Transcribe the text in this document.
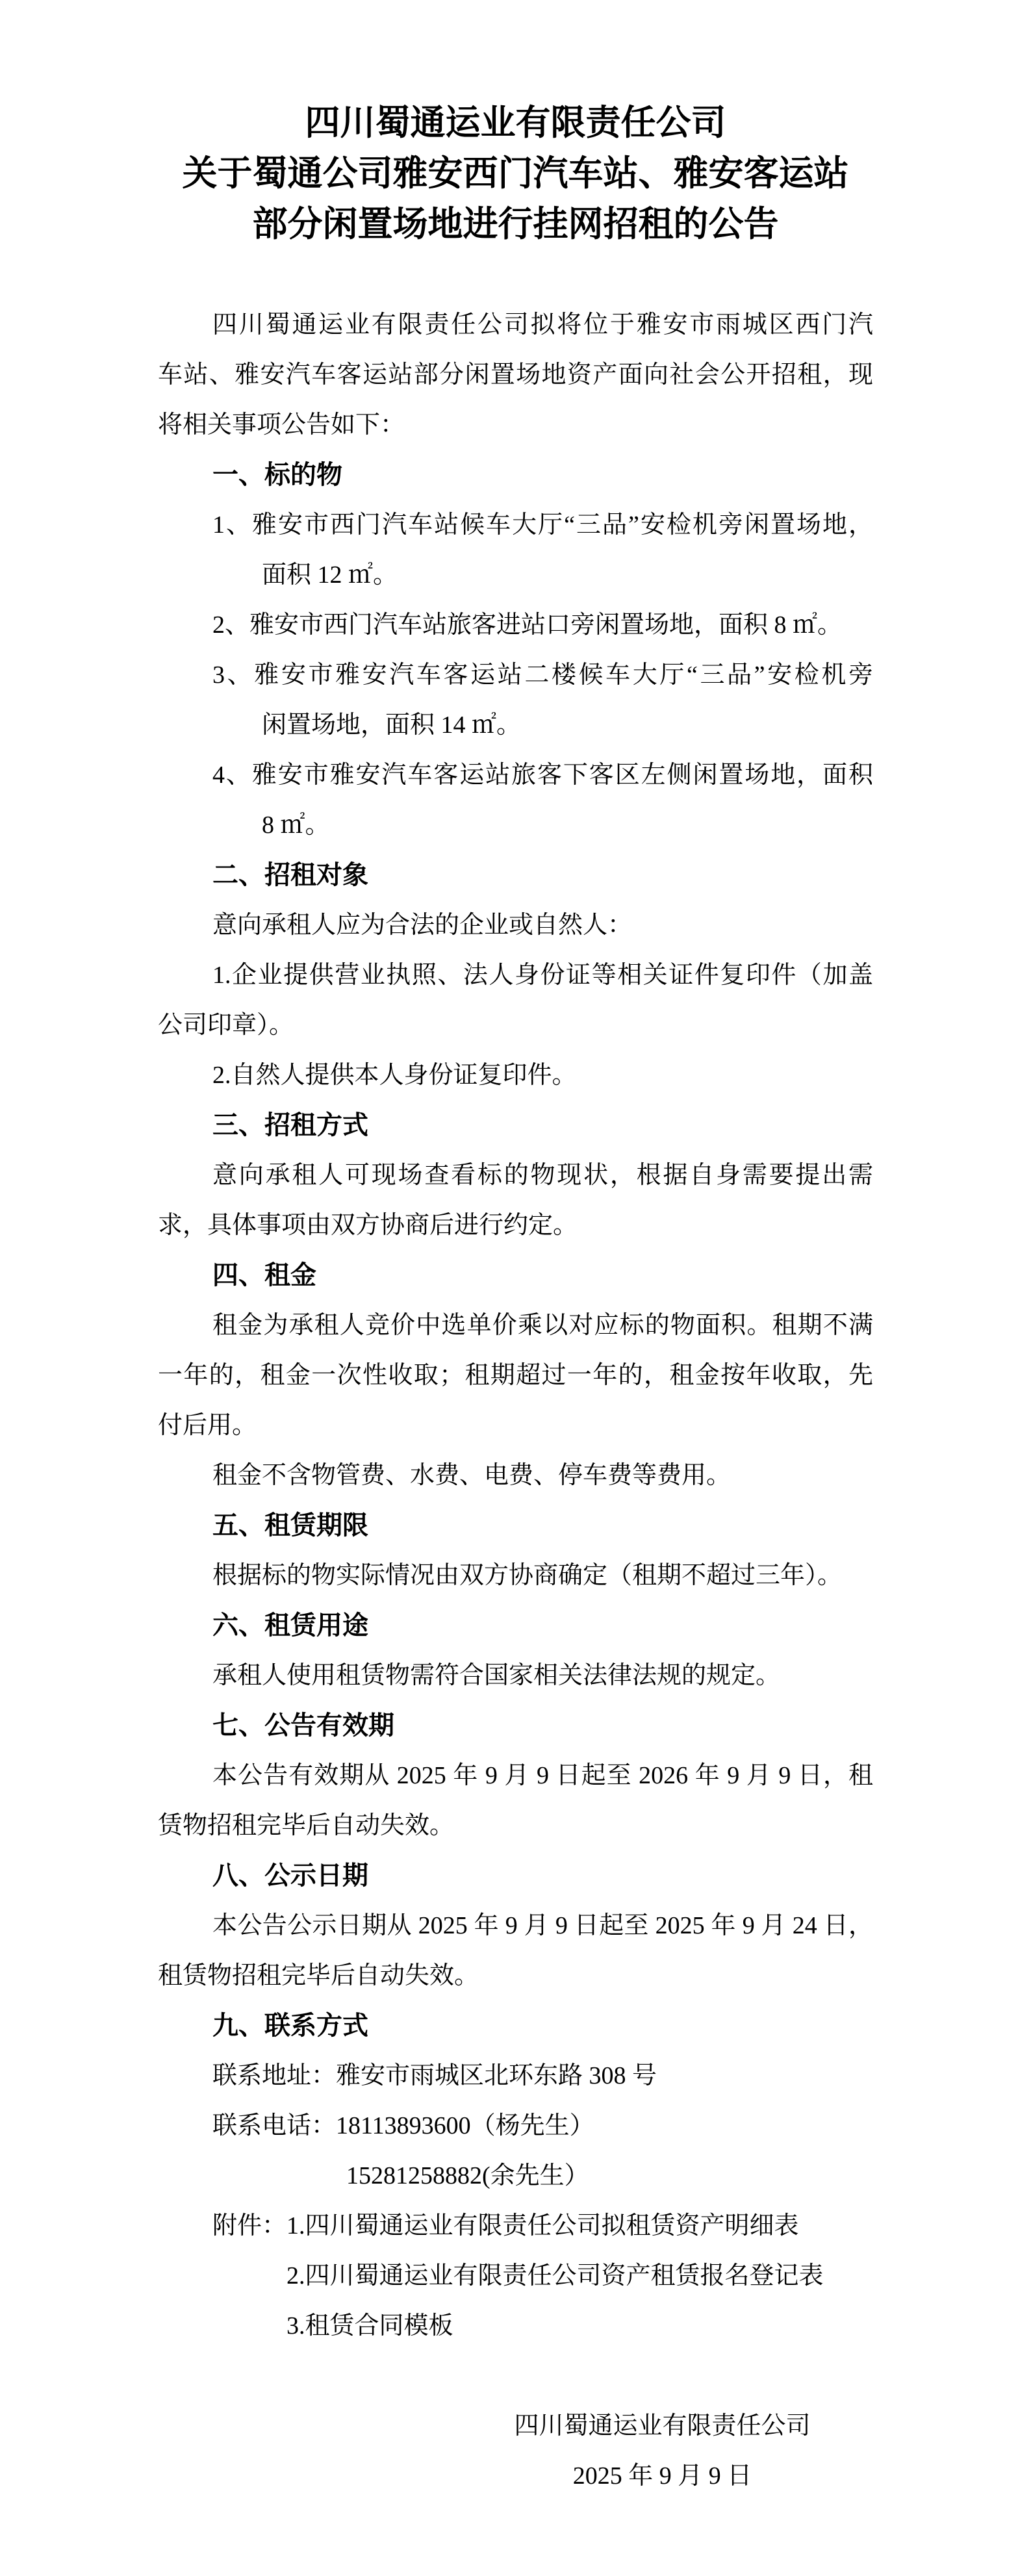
四川蜀通运业有限责任公司
关于蜀通公司雅安西门汽车站、雅安客运站
部分闲置场地进行挂网招租的公告
四川蜀通运业有限责任公司拟将位于雅安市雨城区西门汽
车站、雅安汽车客运站部分闲置场地资产面向社会公开招租，现
将相关事项公告如下：
一、标的物
1、雅安市西门汽车站候车大厅“三品”安检机旁闲置场地，
面积 12 ㎡。
2、雅安市西门汽车站旅客进站口旁闲置场地，面积 8 ㎡。
3、雅安市雅安汽车客运站二楼候车大厅“三品”安检机旁
闲置场地，面积 14 ㎡。
4、雅安市雅安汽车客运站旅客下客区左侧闲置场地，面积
8 ㎡。
二、招租对象
意向承租人应为合法的企业或自然人：
1.企业提供营业执照、法人身份证等相关证件复印件（加盖
公司印章）。
2.自然人提供本人身份证复印件。
三、招租方式
意向承租人可现场查看标的物现状，根据自身需要提出需
求，具体事项由双方协商后进行约定。
四、租金
租金为承租人竞价中选单价乘以对应标的物面积。租期不满
一年的，租金一次性收取；租期超过一年的，租金按年收取，先
付后用。
租金不含物管费、水费、电费、停车费等费用。
五、租赁期限
根据标的物实际情况由双方协商确定（租期不超过三年）。
六、租赁用途
承租人使用租赁物需符合国家相关法律法规的规定。
七、公告有效期
本公告有效期从 2025 年 9 月 9 日起至 2026 年 9 月 9 日，租
赁物招租完毕后自动失效。
八、公示日期
本公告公示日期从 2025 年 9 月 9 日起至 2025 年 9 月 24 日，
租赁物招租完毕后自动失效。
九、联系方式
联系地址：雅安市雨城区北环东路 308 号
联系电话：18113893600（杨先生）
15281258882(余先生）
附件：1.四川蜀通运业有限责任公司拟租赁资产明细表
2.四川蜀通运业有限责任公司资产租赁报名登记表
3.租赁合同模板
四川蜀通运业有限责任公司
2025 年 9 月 9 日
